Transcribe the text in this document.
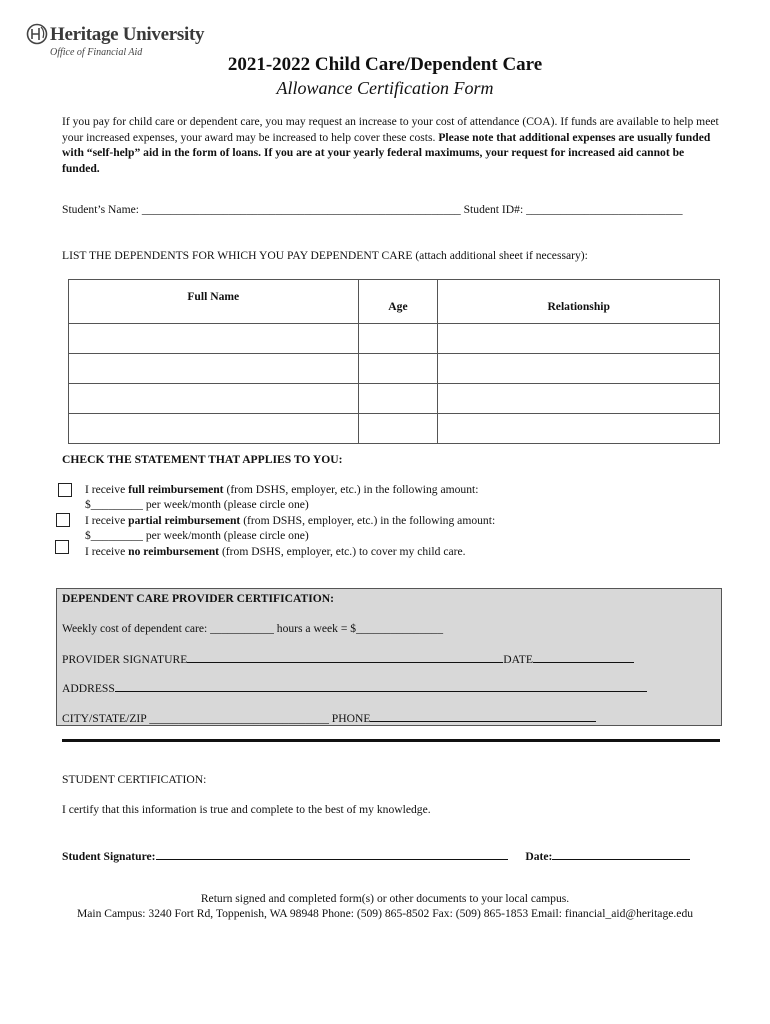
Heritage University
Office of Financial Aid
2021-2022 Child Care/Dependent Care
Allowance Certification Form
If you pay for child care or dependent care, you may request an increase to your cost of attendance (COA). If funds are available to help meet your increased expenses, your award may be increased to help cover these costs. Please note that additional expenses are usually funded with “self-help” aid in the form of loans. If you are at your yearly federal maximums, your request for increased aid cannot be funded.
Student’s Name: _______________________________________________________ Student ID#: ___________________________
LIST THE DEPENDENTS FOR WHICH YOU PAY DEPENDENT CARE (attach additional sheet if necessary):
Full Name	Age	Relationship

CHECK THE STATEMENT THAT APPLIES TO YOU:
I receive full reimbursement (from DSHS, employer, etc.) in the following amount:
$_________ per week/month (please circle one)
I receive partial reimbursement (from DSHS, employer, etc.) in the following amount:
$_________ per week/month (please circle one)
I receive no reimbursement (from DSHS, employer, etc.) to cover my child care.
DEPENDENT CARE PROVIDER CERTIFICATION:
Weekly cost of dependent care: ___________ hours a week = $_______________
PROVIDER SIGNATURE	DATE
ADDRESS
CITY/STATE/ZIP _______________________________ PHONE
STUDENT CERTIFICATION:
I certify that this information is true and complete to the best of my knowledge.
Student Signature:	Date:
Return signed and completed form(s) or other documents to your local campus.
Main Campus: 3240 Fort Rd, Toppenish, WA 98948 Phone: (509) 865-8502 Fax: (509) 865-1853 Email: financial_aid@heritage.edu
